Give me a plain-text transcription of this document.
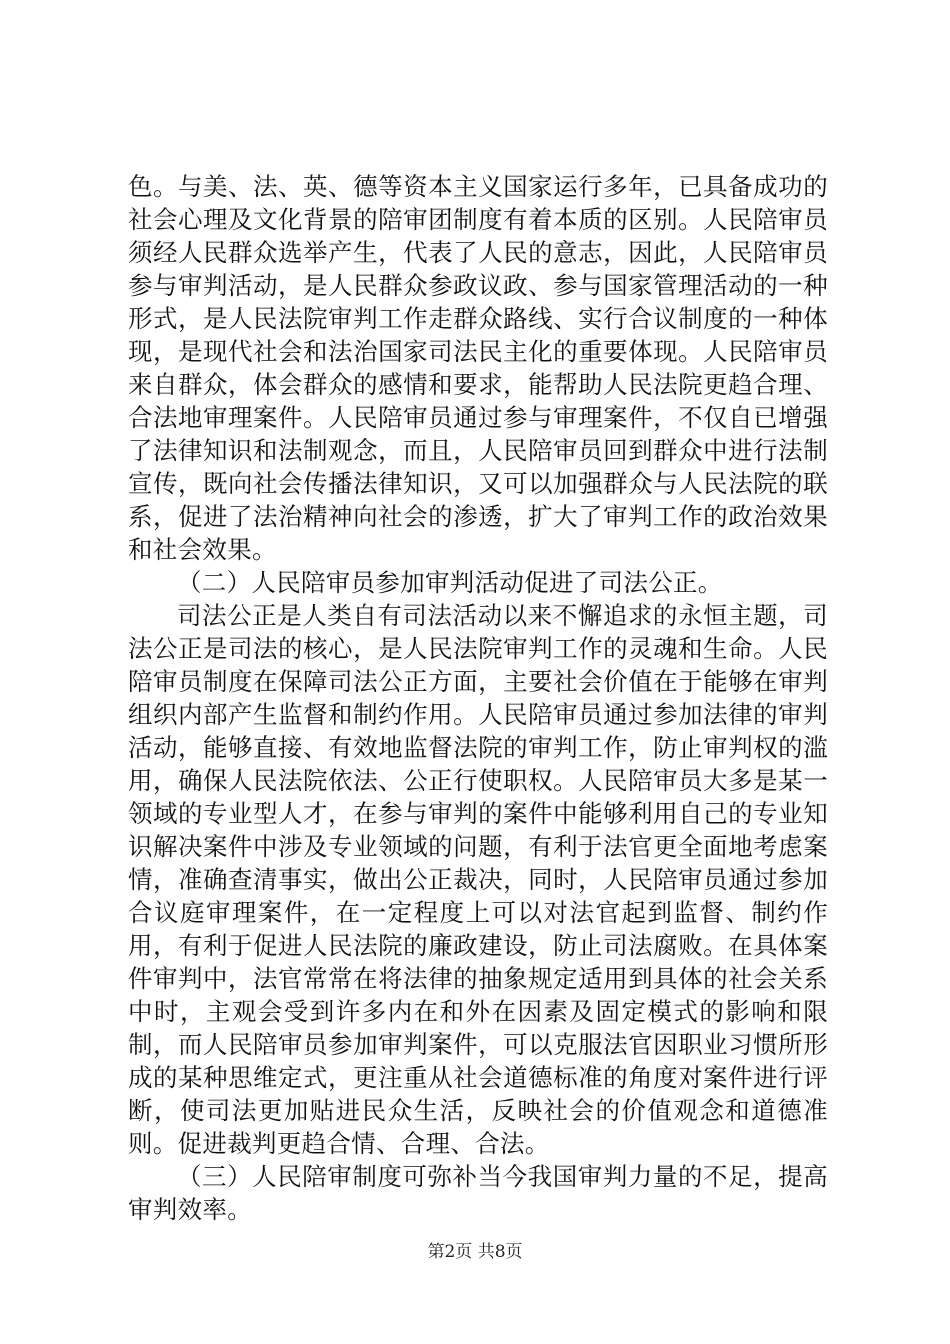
色。与美、法、英、德等资本主义国家运行多年，已具备成功的社会心理及文化背景的陪审团制度有着本质的区别。人民陪审员须经人民群众选举产生，代表了人民的意志，因此，人民陪审员参与审判活动，是人民群众参政议政、参与国家管理活动的一种形式，是人民法院审判工作走群众路线、实行合议制度的一种体现，是现代社会和法治国家司法民主化的重要体现。人民陪审员来自群众，体会群众的感情和要求，能帮助人民法院更趋合理、合法地审理案件。人民陪审员通过参与审理案件，不仅自已增强了法律知识和法制观念，而且，人民陪审员回到群众中进行法制宣传，既向社会传播法律知识，又可以加强群众与人民法院的联系，促进了法治精神向社会的渗透，扩大了审判工作的政治效果和社会效果。

（二）人民陪审员参加审判活动促进了司法公正。

司法公正是人类自有司法活动以来不懈追求的永恒主题，司法公正是司法的核心，是人民法院审判工作的灵魂和生命。人民陪审员制度在保障司法公正方面，主要社会价值在于能够在审判组织内部产生监督和制约作用。人民陪审员通过参加法律的审判活动，能够直接、有效地监督法院的审判工作，防止审判权的滥用，确保人民法院依法、公正行使职权。人民陪审员大多是某一领域的专业型人才，在参与审判的案件中能够利用自己的专业知识解决案件中涉及专业领域的问题，有利于法官更全面地考虑案情，准确查清事实，做出公正裁决，同时，人民陪审员通过参加合议庭审理案件，在一定程度上可以对法官起到监督、制约作用，有利于促进人民法院的廉政建设，防止司法腐败。在具体案件审判中，法官常常在将法律的抽象规定适用到具体的社会关系中时，主观会受到许多内在和外在因素及固定模式的影响和限制，而人民陪审员参加审判案件，可以克服法官因职业习惯所形成的某种思维定式，更注重从社会道德标准的角度对案件进行评断，使司法更加贴进民众生活，反映社会的价值观念和道德准则。促进裁判更趋合情、合理、合法。

（三）人民陪审制度可弥补当今我国审判力量的不足，提高审判效率。

第2页 共8页
